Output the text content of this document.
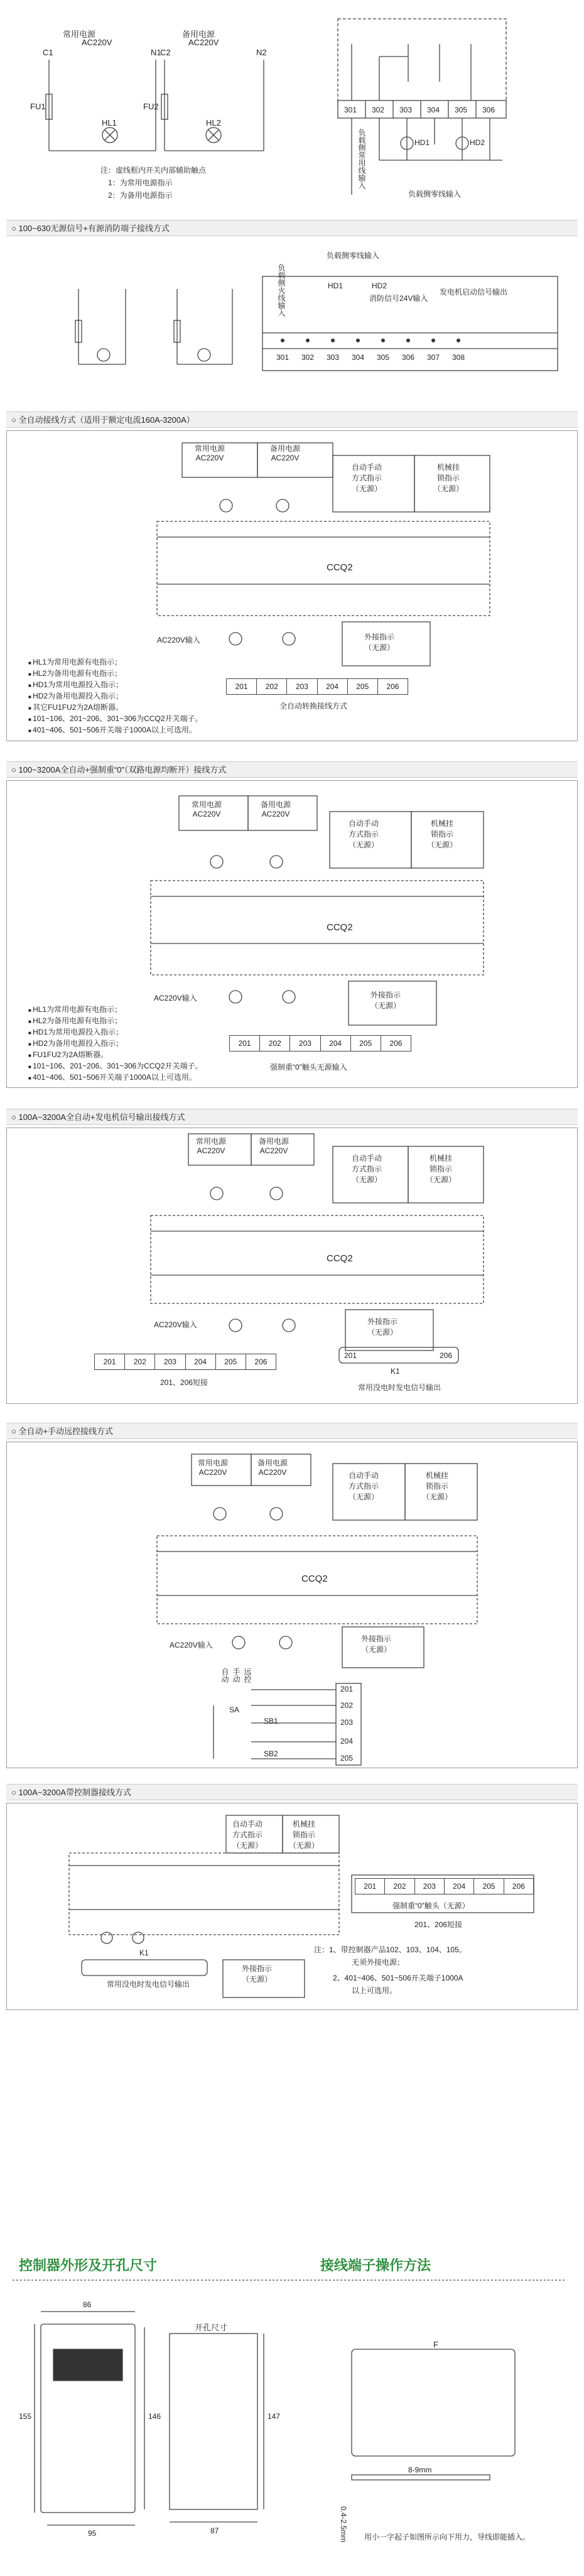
常用电源	备用电源
AC220V	AC220V
C1	N1
C2	N2
FU1	FU2
HL1	HL2
注：虚线框内开关内部辅助触点
1：为常用电源指示
2：为备用电源指示
301 302 303 304 305 306
HD1	HD2
负载侧常用线输入
负载侧零线输入
○ 100~630无源信号+有源消防端子接线方式
负载侧零线输入
HD1	HD2
消防信号24V输入
发电机启动信号输出
负载侧火线输入
301 302 303 304 305 306 307 308
○ 全自动接线方式（适用于额定电流160A-3200A）
常用电源
AC220V
备用电源
AC220V
自动手动
方式指示
（无源）
机械挂
锁指示
（无源）
CCQ2
AC220V输入	外接指示
（无源）
■ HL1为常用电源有电指示；
■ HL2为备用电源有电指示；
■ HD1为常用电源投入指示；
■ HD2为备用电源投入指示；
■ 其它FU1FU2为2A熔断器。
■ 101~106、201~206、301~306为CCQ2开关端子。
■ 401~406、501~506开关端子1000A以上可选用。
201	202	203	204	205	206
全自动转换接线方式
○ 100~3200A全自动+强制重“0”（双路电源均断开）接线方式
常用电源
AC220V
备用电源
AC220V
自动手动
方式指示
（无源）
机械挂
锁指示
（无源）
CCQ2
AC220V输入	外接指示
（无源）
■ HL1为常用电源有电指示；
■ HL2为备用电源有电指示；
■ HD1为常用电源投入指示；
■ HD2为备用电源投入指示；
■ FU1FU2为2A熔断器。
■ 101~106、201~206、301~306为CCQ2开关端子。
■ 401~406、501~506开关端子1000A以上可选用。
201	202	203	204	205	206
强制重“0”触头无源输入
○ 100A~3200A全自动+发电机信号输出接线方式
常用电源
AC220V
备用电源
AC220V
自动手动
方式指示
（无源）
机械挂
锁指示
（无源）
CCQ2
AC220V输入	外接指示
（无源）
201	202	203	204	205	206
201、206短接
201	206
K1
常用没电时发电信号输出
○ 全自动+手动远控接线方式
常用电源
AC220V
备用电源
AC220V	自动手动
方式指示
（无源）
机械挂
锁指示
（无源）
CCQ2
AC220V输入
外接指示
（无源）
自动 手动 远控
SA
SB1
SB2
201
202
203
204
205
○ 100A~3200A带控制器接线方式
自动手动
方式指示
（无源）
机械挂
锁指示
（无源）
外接指示
（无源）
201	202	203	204	205	206
强制重“0”触头（无源）
201、206短接
K1
常用没电时发电信号输出
注：1、带控制器产品102、103、104、105。
无须外接电源；
2、401~406、501~506开关端子1000A
以上可选用。
控制器外形及开孔尺寸	接线端子操作方法
86
155	146
95
开孔尺寸
147
87
F
8-9mm
0.4-2.5mm 用小一字起子如图所示向下用力，导线即能插入。
